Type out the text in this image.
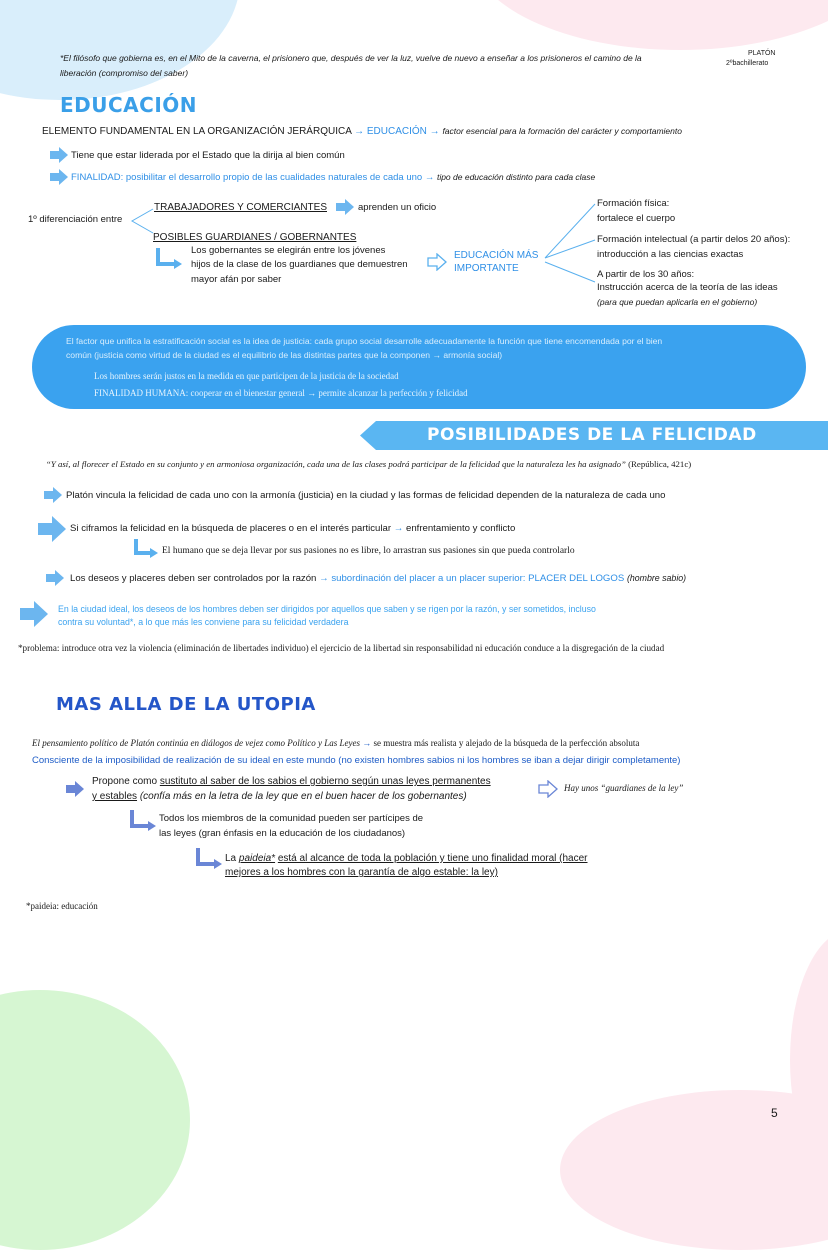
*El filósofo que gobierna es, en el Mito de la caverna, el prisionero que, después de ver la luz, vuelve de nuevo a enseñar a los prisioneros el camino de la
liberación (compromiso del saber)
PLATÓN
2ºbachillerato
EDUCACIÓN
ELEMENTO FUNDAMENTAL EN LA ORGANIZACIÓN JERÁRQUICA → EDUCACIÓN → factor esencial para la formación del carácter y comportamiento
Tiene que estar liderada por el Estado que la dirija al bien común
FINALIDAD: posibilitar el desarrollo propio de las cualidades naturales de cada uno → tipo de educación distinto para cada clase
1º diferenciación entre
TRABAJADORES Y COMERCIANTES	aprenden un oficio
POSIBLES GUARDIANES / GOBERNANTES
Los gobernantes se elegirán entre los jóvenes
hijos de la clase de los guardianes que demuestren
mayor afán por saber
EDUCACIÓN MÁS
IMPORTANTE
Formación física:
fortalece el cuerpo
Formación intelectual (a partir delos 20 años):
introducción a las ciencias exactas
A partir de los 30 años:
Instrucción acerca de la teoría de las ideas
(para que puedan aplicarla en el gobierno)
El factor que unifica la estratificación social es la idea de justicia: cada grupo social desarrolle adecuadamente la función que tiene encomendada por el bien
común (justicia como virtud de la ciudad es el equilibrio de las distintas partes que la componen → armonía social)
Los hombres serán justos en la medida en que participen de la justicia de la sociedad
FINALIDAD HUMANA: cooperar en el bienestar general → permite alcanzar la perfección y felicidad
POSIBILIDADES DE LA FELICIDAD
“Y así, al florecer el Estado en su conjunto y en armoniosa organización, cada una de las clases podrá participar de la felicidad que la naturaleza les ha asignado” (República, 421c)
Platón vincula la felicidad de cada uno con la armonía (justicia) en la ciudad y las formas de felicidad dependen de la naturaleza de cada uno
Si ciframos la felicidad en la búsqueda de placeres o en el interés particular → enfrentamiento y conflicto
El humano que se deja llevar por sus pasiones no es libre, lo arrastran sus pasiones sin que pueda controlarlo
Los deseos y placeres deben ser controlados por la razón → subordinación del placer a un placer superior: PLACER DEL LOGOS (hombre sabio)
En la ciudad ideal, los deseos de los hombres deben ser dirigidos por aquellos que saben y se rigen por la razón, y ser sometidos, incluso
contra su voluntad*, a lo que más les conviene para su felicidad verdadera
*problema: introduce otra vez la violencia (eliminación de libertades individuo) el ejercicio de la libertad sin responsabilidad ni educación conduce a la disgregación de la ciudad
MAS ALLA DE LA UTOPIA
El pensamiento político de Platón continúa en diálogos de vejez como Político y Las Leyes → se muestra más realista y alejado de la búsqueda de la perfección absoluta
Consciente de la imposibilidad de realización de su ideal en este mundo (no existen hombres sabios ni los hombres se iban a dejar dirigir completamente)
Propone como sustituto al saber de los sabios el gobierno según unas leyes permanentes
y estables (confía más en la letra de la ley que en el buen hacer de los gobernantes)
Hay unos “guardianes de la ley”
Todos los miembros de la comunidad pueden ser partícipes de
las leyes (gran énfasis en la educación de los ciudadanos)
La paideia* está al alcance de toda la población y tiene uno finalidad moral (hacer
mejores a los hombres con la garantía de algo estable: la ley)
*paideia: educación
5
